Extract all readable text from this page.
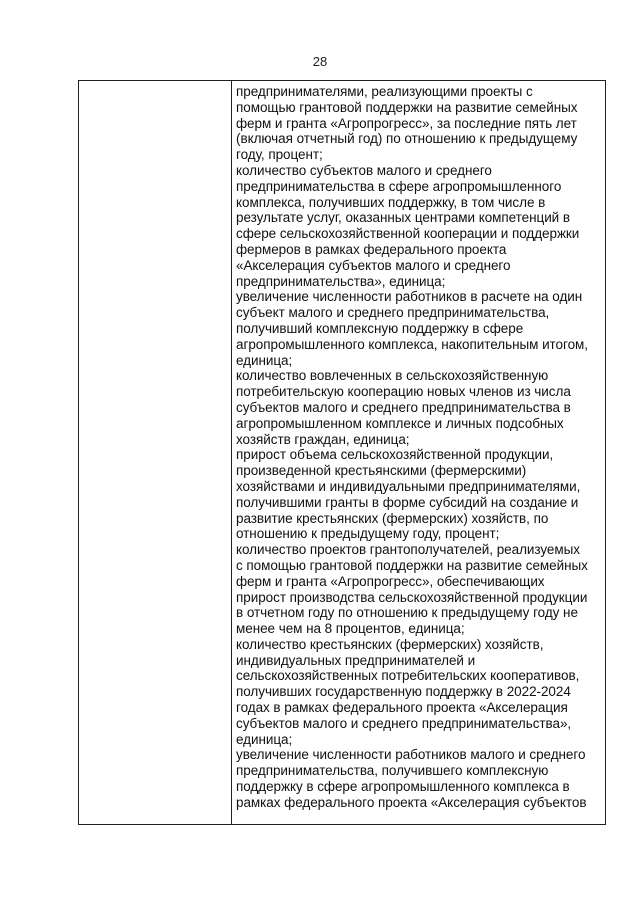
28
предпринимателями, реализующими проекты с
помощью грантовой поддержки на развитие семейных
ферм и гранта «Агропрогресс», за последние пять лет
(включая отчетный год) по отношению к предыдущему
году, процент;
количество субъектов малого и среднего
предпринимательства в сфере агропромышленного
комплекса, получивших поддержку, в том числе в
результате услуг, оказанных центрами компетенций в
сфере сельскохозяйственной кооперации и поддержки
фермеров в рамках федерального проекта
«Акселерация субъектов малого и среднего
предпринимательства», единица;
увеличение численности работников в расчете на один
субъект малого и среднего предпринимательства,
получивший комплексную поддержку в сфере
агропромышленного комплекса, накопительным итогом,
единица;
количество вовлеченных в сельскохозяйственную
потребительскую кооперацию новых членов из числа
субъектов малого и среднего предпринимательства в
агропромышленном комплексе и личных подсобных
хозяйств граждан, единица;
прирост объема сельскохозяйственной продукции,
произведенной крестьянскими (фермерскими)
хозяйствами и индивидуальными предпринимателями,
получившими гранты в форме субсидий на создание и
развитие крестьянских (фермерских) хозяйств, по
отношению к предыдущему году, процент;
количество проектов грантополучателей, реализуемых
с помощью грантовой поддержки на развитие семейных
ферм и гранта «Агропрогресс», обеспечивающих
прирост производства сельскохозяйственной продукции
в отчетном году по отношению к предыдущему году не
менее чем на 8 процентов, единица;
количество крестьянских (фермерских) хозяйств,
индивидуальных предпринимателей и
сельскохозяйственных потребительских кооперативов,
получивших государственную поддержку в 2022-2024
годах в рамках федерального проекта «Акселерация
субъектов малого и среднего предпринимательства»,
единица;
увеличение численности работников малого и среднего
предпринимательства, получившего комплексную
поддержку в сфере агропромышленного комплекса в
рамках федерального проекта «Акселерация субъектов
